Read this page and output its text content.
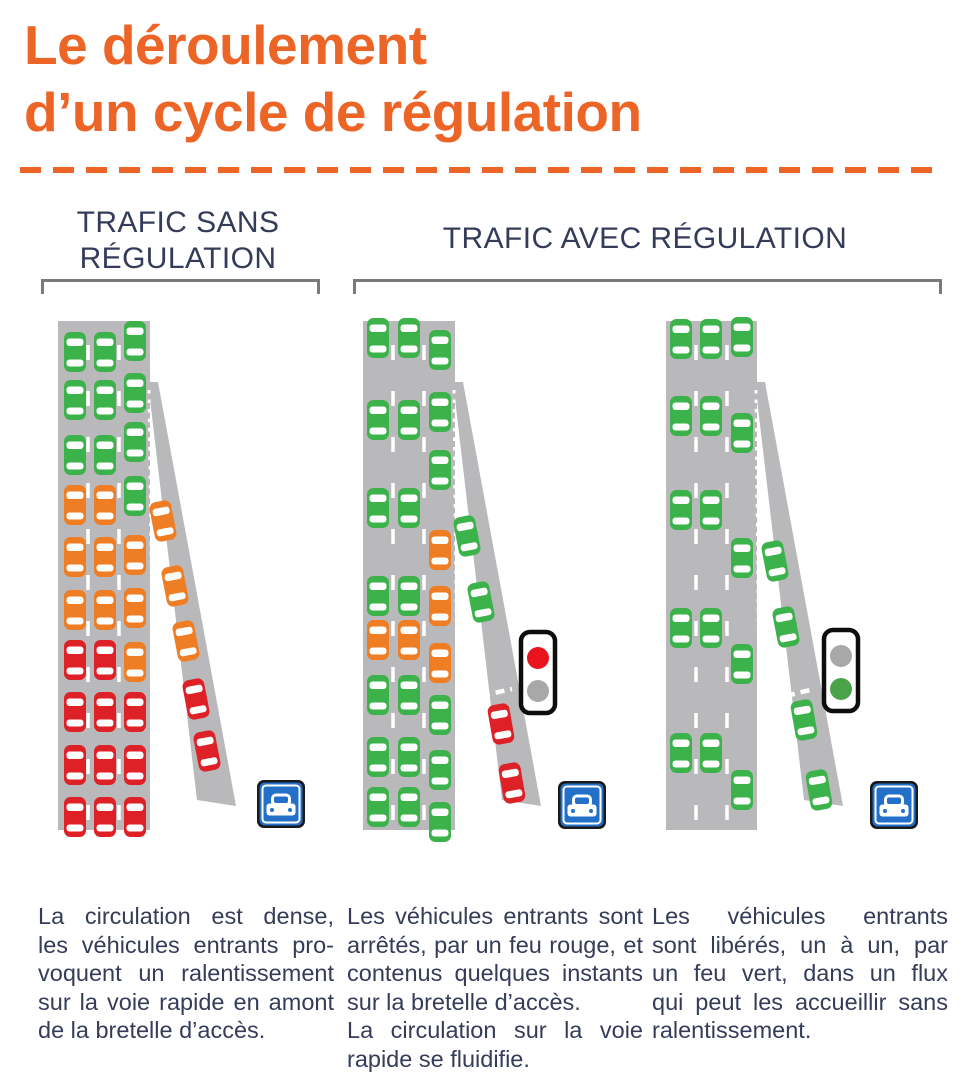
Le déroulement
d’un cycle de régulation
TRAFIC SANS
RÉGULATION
TRAFIC AVEC RÉGULATION
La circulation est dense,
les véhicules entrants pro-
voquent un ralentissement
sur la voie rapide en amont
de la bretelle d’accès.
Les véhicules entrants sont
arrêtés, par un feu rouge, et
contenus quelques instants
sur la bretelle d’accès.
La circulation sur la voie
rapide se fluidifie.
Les véhicules entrants
sont libérés, un à un, par
un feu vert, dans un flux
qui peut les accueillir sans
ralentissement.
